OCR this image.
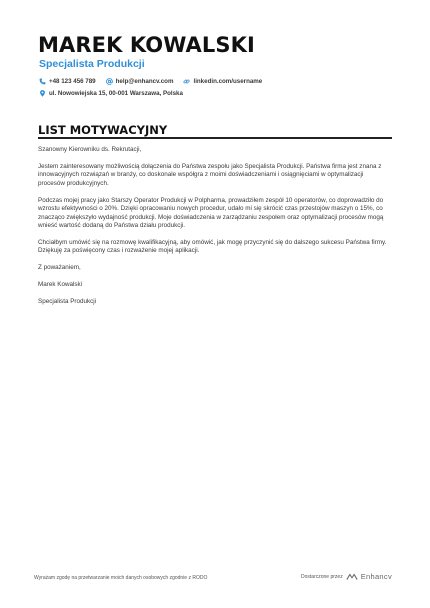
MAREK KOWALSKI
Specjalista Produkcji
+48 123 456 789	help@enhancv.com	linkedin.com/username
ul. Nowowiejska 15, 00-001 Warszawa, Polska
LIST MOTYWACYJNY

Szanowny Kierowniku ds. Rekrutacji,

Jestem zainteresowany możliwością dołączenia do Państwa zespołu jako Specjalista Produkcji. Państwa firma jest znana z innowacyjnych rozwiązań w branży, co doskonale współgra z moimi doświadczeniami i osiągnięciami w optymalizacji procesów produkcyjnych.

Podczas mojej pracy jako Starszy Operator Produkcji w Polpharma, prowadziłem zespół 10 operatorów, co doprowadziło do wzrostu efektywności o 20%. Dzięki opracowaniu nowych procedur, udało mi się skrócić czas przestojów maszyn o 15%, co znacząco zwiększyło wydajność produkcji. Moje doświadczenia w zarządzaniu zespołem oraz optymalizacji procesów mogą wnieść wartość dodaną do Państwa działu produkcji.

Chciałbym umówić się na rozmowę kwalifikacyjną, aby omówić, jak mogę przyczynić się do dalszego sukcesu Państwa firmy. Dziękuję za poświęcony czas i rozważenie mojej aplikacji.

Z poważaniem,

Marek Kowalski

Specjalista Produkcji

Wyrażam zgodę na przetwarzanie moich danych osobowych zgodnie z RODO	Dostarczone przez Enhancv
